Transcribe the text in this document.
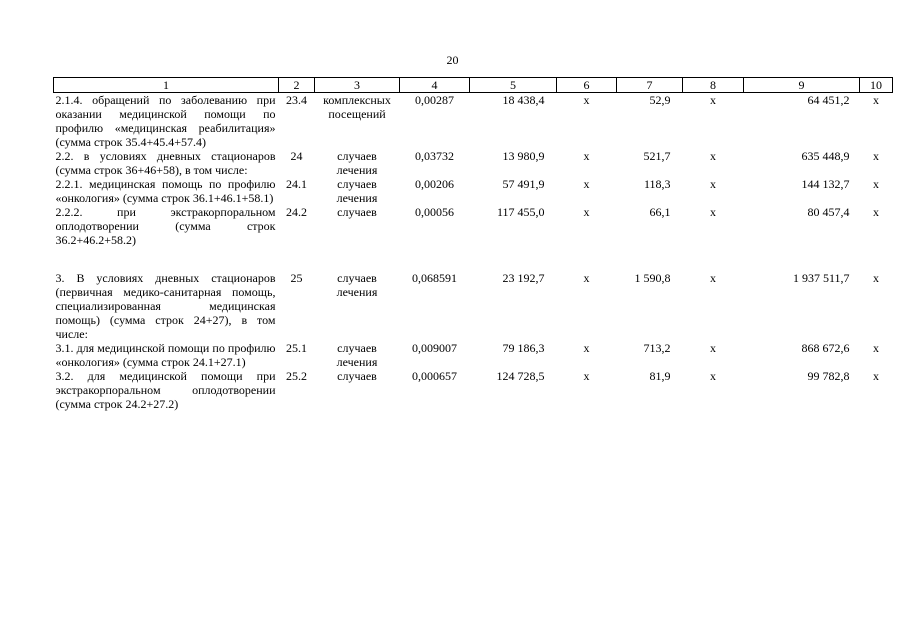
20
1	2	3	4	5	6	7	8	9	10
2.1.4. обращений по заболеванию при оказании медицинской помощи по профилю «медицинская реабилитация» (сумма строк 35.4+45.4+57.4)	23.4	комплексных посещений	0,00287	18 438,4	х	52,9	х	64 451,2	х
2.2. в условиях дневных стационаров (сумма строк 36+46+58), в том числе:	24	случаев лечения	0,03732	13 980,9	х	521,7	х	635 448,9	х
2.2.1. медицинская помощь по профилю «онкология» (сумма строк 36.1+46.1+58.1)	24.1	случаев лечения	0,00206	57 491,9	х	118,3	х	144 132,7	х
2.2.2. при экстракорпоральном оплодотворении (сумма строк 36.2+46.2+58.2)	24.2	случаев	0,00056	117 455,0	х	66,1	х	80 457,4	х

3. В условиях дневных стационаров (первичная медико-санитарная помощь, специализированная медицинская помощь) (сумма строк 24+27), в том числе:	25	случаев лечения	0,068591	23 192,7	х	1 590,8	х	1 937 511,7	х
3.1. для медицинской помощи по профилю «онкология» (сумма строк 24.1+27.1)	25.1	случаев лечения	0,009007	79 186,3	х	713,2	х	868 672,6	х
3.2. для медицинской помощи при экстракорпоральном оплодотворении (сумма строк 24.2+27.2)	25.2	случаев	0,000657	124 728,5	х	81,9	х	99 782,8	х
